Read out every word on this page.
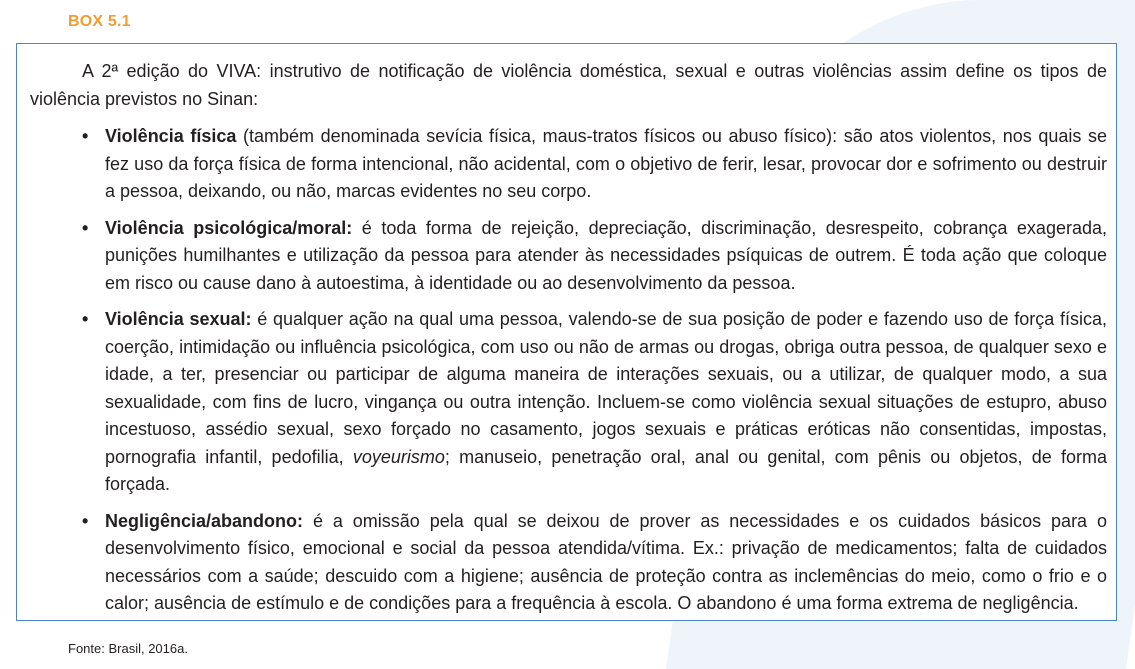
BOX 5.1

A 2ª edição do VIVA: instrutivo de notificação de violência doméstica, sexual e outras violências assim define os tipos de violência previstos no Sinan:

• Violência física (também denominada sevícia física, maus-tratos físicos ou abuso físico): são atos violentos, nos quais se fez uso da força física de forma intencional, não acidental, com o objetivo de ferir, lesar, provocar dor e sofrimento ou destruir a pessoa, deixando, ou não, marcas evidentes no seu corpo.
• Violência psicológica/moral: é toda forma de rejeição, depreciação, discriminação, desrespeito, cobrança exagerada, punições humilhantes e utilização da pessoa para atender às necessidades psíquicas de outrem. É toda ação que coloque em risco ou cause dano à autoestima, à identidade ou ao desenvolvimento da pessoa.
• Violência sexual: é qualquer ação na qual uma pessoa, valendo-se de sua posição de poder e fazendo uso de força física, coerção, intimidação ou influência psicológica, com uso ou não de armas ou drogas, obriga outra pessoa, de qualquer sexo e idade, a ter, presenciar ou participar de alguma maneira de interações sexuais, ou a utilizar, de qualquer modo, a sua sexualidade, com fins de lucro, vingança ou outra intenção. Incluem-se como violência sexual situações de estupro, abuso incestuoso, assédio sexual, sexo forçado no casamento, jogos sexuais e práticas eróticas não consentidas, impostas, pornografia infantil, pedofilia, voyeurismo; manuseio, penetração oral, anal ou genital, com pênis ou objetos, de forma forçada.
• Negligência/abandono: é a omissão pela qual se deixou de prover as necessidades e os cuidados básicos para o desenvolvimento físico, emocional e social da pessoa atendida/vítima. Ex.: privação de medicamentos; falta de cuidados necessários com a saúde; descuido com a higiene; ausência de proteção contra as inclemências do meio, como o frio e o calor; ausência de estímulo e de condições para a frequência à escola. O abandono é uma forma extrema de negligência.
Fonte: Brasil, 2016a.
